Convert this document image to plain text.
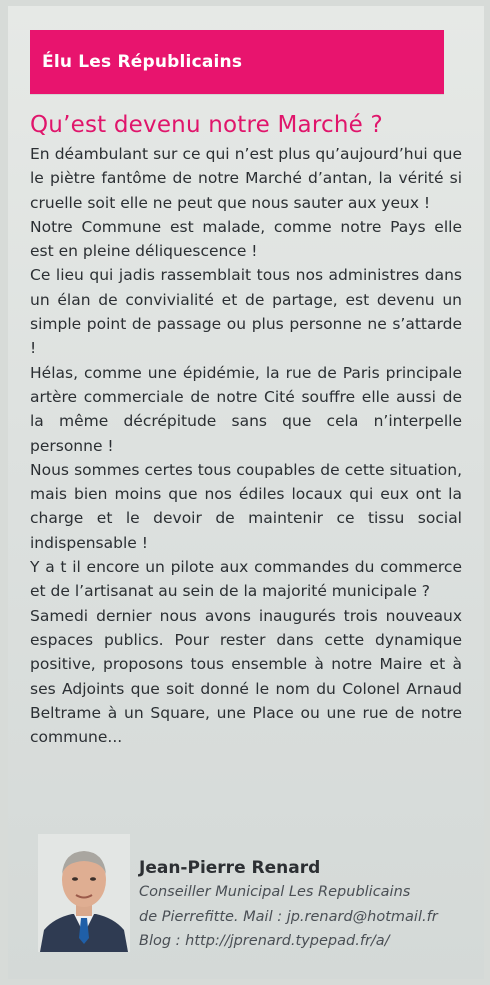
Élu Les Républicains
Qu’est devenu notre Marché ?

En déambulant sur ce qui n’est plus qu’aujourd’hui que le piètre fantôme de notre Marché d’antan, la vérité si cruelle soit elle ne peut que nous sauter aux yeux !

Notre Commune est malade, comme notre Pays elle est en pleine déliquescence !

Ce lieu qui jadis rassemblait tous nos administres dans un élan de convivialité et de partage, est devenu un simple point de passage ou plus personne ne s’attarde !

Hélas, comme une épidémie, la rue de Paris principale artère commerciale de notre Cité souffre elle aussi de la même décrépitude sans que cela n’interpelle personne !

Nous sommes certes tous coupables de cette situation, mais bien moins que nos édiles locaux qui eux ont la charge et le devoir de maintenir ce tissu social indispensable !

Y a t il encore un pilote aux commandes du commerce et de l’artisanat au sein de la majorité municipale ?

Samedi dernier nous avons inaugurés trois nouveaux espaces publics. Pour rester dans cette dynamique positive, proposons tous ensemble à notre Maire et à ses Adjoints que soit donné le nom du Colonel Arnaud Beltrame à un Square, une Place ou une rue de notre commune...

Jean-Pierre Renard
Conseiller Municipal Les Republicains
de Pierrefitte. Mail : jp.renard@hotmail.fr
Blog : http://jprenard.typepad.fr/a/
